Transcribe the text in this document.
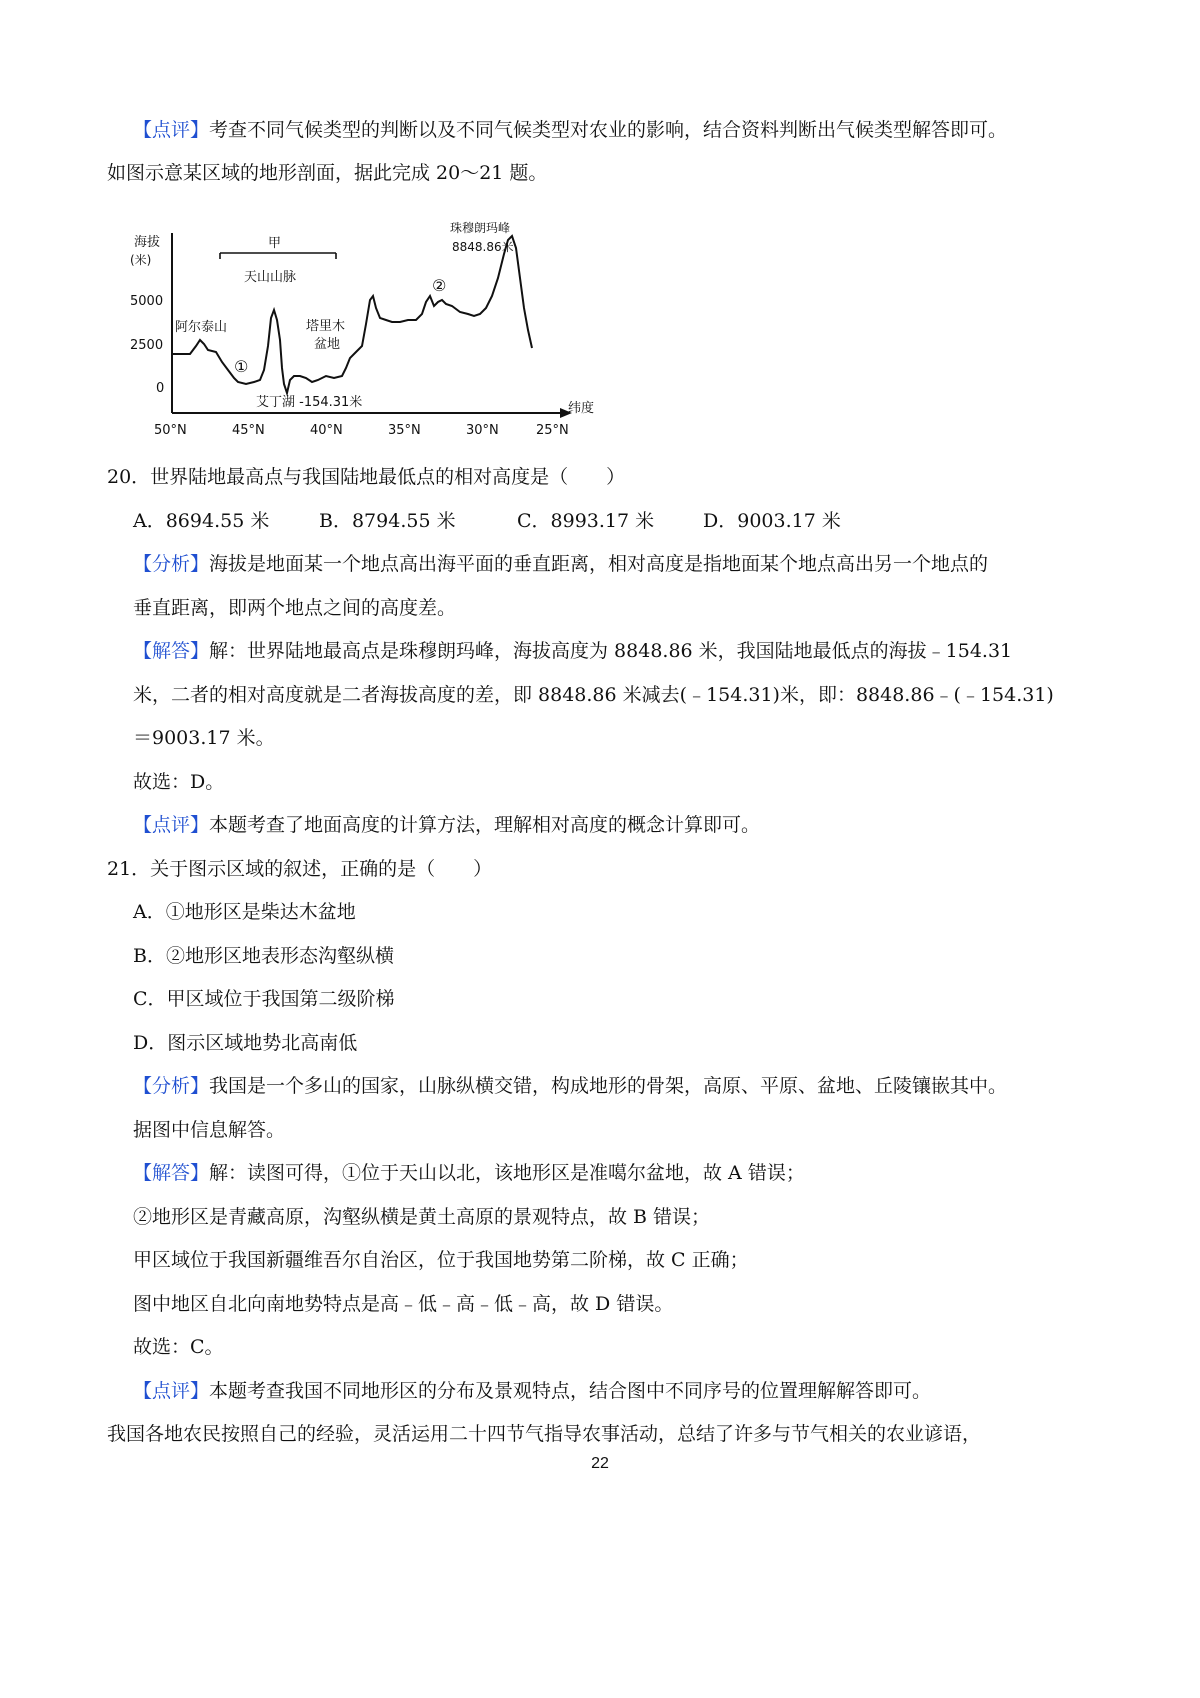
【点评】考查不同气候类型的判断以及不同气候类型对农业的影响，结合资料判断出气候类型解答即可。
如图示意某区域的地形剖面，据此完成 20～21 题。
海拔
(米)
纬度
5000
2500
0
50°N	45°N	40°N	35°N	30°N	25°N
甲
天山山脉
阿尔泰山
①
塔里木
盆地
艾丁湖 -154.31米
②
珠穆朗玛峰
8848.86米
20．世界陆地最高点与我国陆地最低点的相对高度是（　　）
A．8694.55 米	B．8794.55 米	C．8993.17 米	D．9003.17 米
【分析】海拔是地面某一个地点高出海平面的垂直距离，相对高度是指地面某个地点高出另一个地点的
垂直距离，即两个地点之间的高度差。
【解答】解：世界陆地最高点是珠穆朗玛峰，海拔高度为 8848.86 米，我国陆地最低点的海拔﹣154.31
米，二者的相对高度就是二者海拔高度的差，即 8848.86 米减去(﹣154.31)米，即：8848.86﹣(﹣154.31)
＝9003.17 米。
故选：D。
【点评】本题考查了地面高度的计算方法，理解相对高度的概念计算即可。
21．关于图示区域的叙述，正确的是（　　）
A．①地形区是柴达木盆地
B．②地形区地表形态沟壑纵横
C．甲区域位于我国第二级阶梯
D．图示区域地势北高南低
【分析】我国是一个多山的国家，山脉纵横交错，构成地形的骨架，高原、平原、盆地、丘陵镶嵌其中。
据图中信息解答。
【解答】解：读图可得，①位于天山以北，该地形区是准噶尔盆地，故 A 错误；
②地形区是青藏高原，沟壑纵横是黄土高原的景观特点，故 B 错误；
甲区域位于我国新疆维吾尔自治区，位于我国地势第二阶梯，故 C 正确；
图中地区自北向南地势特点是高﹣低﹣高﹣低﹣高，故 D 错误。
故选：C。
【点评】本题考查我国不同地形区的分布及景观特点，结合图中不同序号的位置理解解答即可。
我国各地农民按照自己的经验，灵活运用二十四节气指导农事活动，总结了许多与节气相关的农业谚语，
22
